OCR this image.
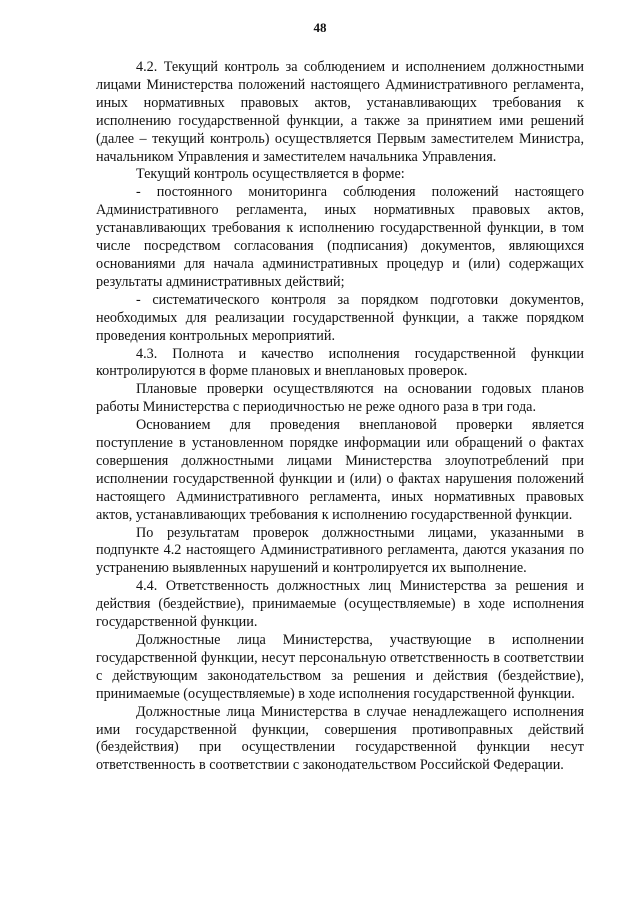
48

4.2. Текущий контроль за соблюдением и исполнением должностными лицами Министерства положений настоящего Административного регламента, иных нормативных правовых актов, устанавливающих требования к исполнению государственной функции, а также за принятием ими решений (далее – текущий контроль) осуществляется Первым заместителем Министра, начальником Управления и заместителем начальника Управления.

Текущий контроль осуществляется в форме:

- постоянного мониторинга соблюдения положений настоящего Административного регламента, иных нормативных правовых актов, устанавливающих требования к исполнению государственной функции, в том числе посредством согласования (подписания) документов, являющихся основаниями для начала административных процедур и (или) содержащих результаты административных действий;

- систематического контроля за порядком подготовки документов, необходимых для реализации государственной функции, а также порядком проведения контрольных мероприятий.

4.3. Полнота и качество исполнения государственной функции контролируются в форме плановых и внеплановых проверок.

Плановые проверки осуществляются на основании годовых планов работы Министерства с периодичностью не реже одного раза в три года.

Основанием для проведения внеплановой проверки является поступление в установленном порядке информации или обращений о фактах совершения должностными лицами Министерства злоупотреблений при исполнении государственной функции и (или) о фактах нарушения положений настоящего Административного регламента, иных нормативных правовых актов, устанавливающих требования к исполнению государственной функции.

По результатам проверок должностными лицами, указанными в подпункте 4.2 настоящего Административного регламента, даются указания по устранению выявленных нарушений и контролируется их выполнение.

4.4. Ответственность должностных лиц Министерства за решения и действия (бездействие), принимаемые (осуществляемые) в ходе исполнения государственной функции.

Должностные лица Министерства, участвующие в исполнении государственной функции, несут персональную ответственность в соответствии с действующим законодательством за решения и действия (бездействие), принимаемые (осуществляемые) в ходе исполнения государственной функции.

Должностные лица Министерства в случае ненадлежащего исполнения ими государственной функции, совершения противоправных действий (бездействия) при осуществлении государственной функции несут ответственность в соответствии с законодательством Российской Федерации.
